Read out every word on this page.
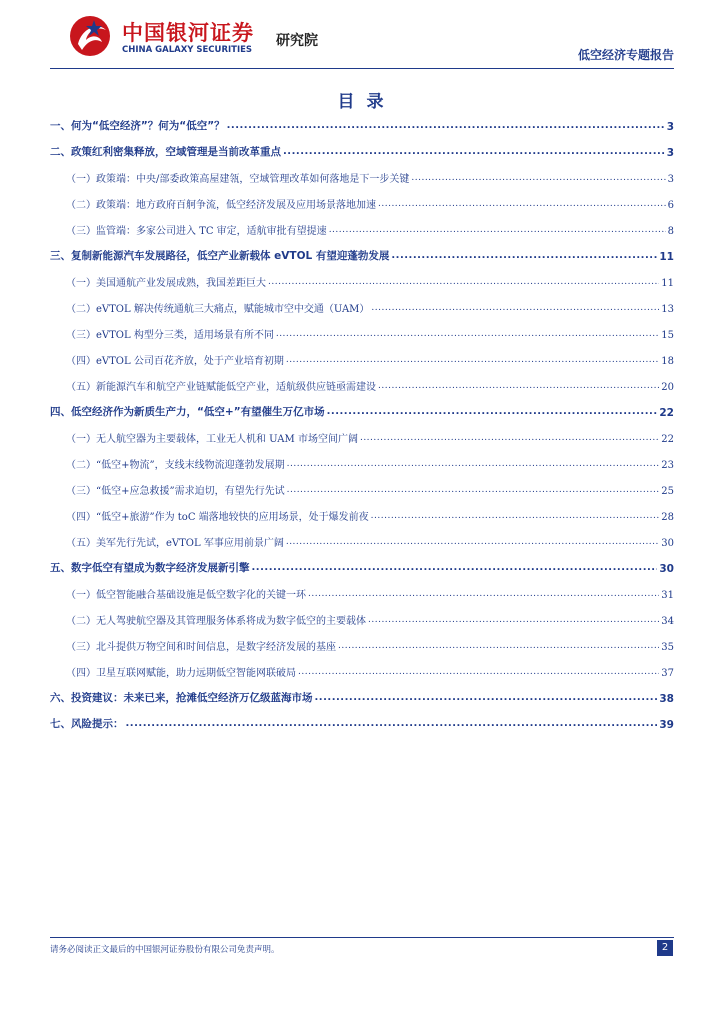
中国银河证券
CHINA GALAXY SECURITIES
研究院
低空经济专题报告
目 录
一、何为“低空经济”？何为“低空”？ .....	3
二、政策红利密集释放，空域管理是当前改革重点 .....	3
（一）政策端：中央/部委政策高屋建瓴，空域管理改革如何落地是下一步关键 .....	3
（二）政策端：地方政府百舸争流，低空经济发展及应用场景落地加速 .....	6
（三）监管端：多家公司进入 TC 审定，适航审批有望提速 .....	8
三、复制新能源汽车发展路径，低空产业新载体 eVTOL 有望迎蓬勃发展 .....	11
（一）美国通航产业发展成熟，我国差距巨大 .....	11
（二）eVTOL 解决传统通航三大痛点，赋能城市空中交通（UAM） .....	13
（三）eVTOL 构型分三类，适用场景有所不同 .....	15
（四）eVTOL 公司百花齐放，处于产业培育初期 .....	18
（五）新能源汽车和航空产业链赋能低空产业，适航级供应链亟需建设 .....	20
四、低空经济作为新质生产力，“低空+”有望催生万亿市场 .....	22
（一）无人航空器为主要载体，工业无人机和 UAM 市场空间广阔 .....	22
（二）“低空+物流”，支线末线物流迎蓬勃发展期 .....	23
（三）“低空+应急救援”需求迫切，有望先行先试 .....	25
（四）“低空+旅游”作为 toC 端落地较快的应用场景，处于爆发前夜 .....	28
（五）美军先行先试，eVTOL 军事应用前景广阔 .....	30
五、数字低空有望成为数字经济发展新引擎 .....	30
（一）低空智能融合基础设施是低空数字化的关键一环 .....	31
（二）无人驾驶航空器及其管理服务体系将成为数字低空的主要载体 .....	34
（三）北斗提供万物空间和时间信息，是数字经济发展的基座 .....	35
（四）卫星互联网赋能，助力远期低空智能网联破局 .....	37
六、投资建议：未来已来，抢滩低空经济万亿级蓝海市场 .....	38
七、风险提示： .....	39
请务必阅读正文最后的中国银河证券股份有限公司免责声明。	2
